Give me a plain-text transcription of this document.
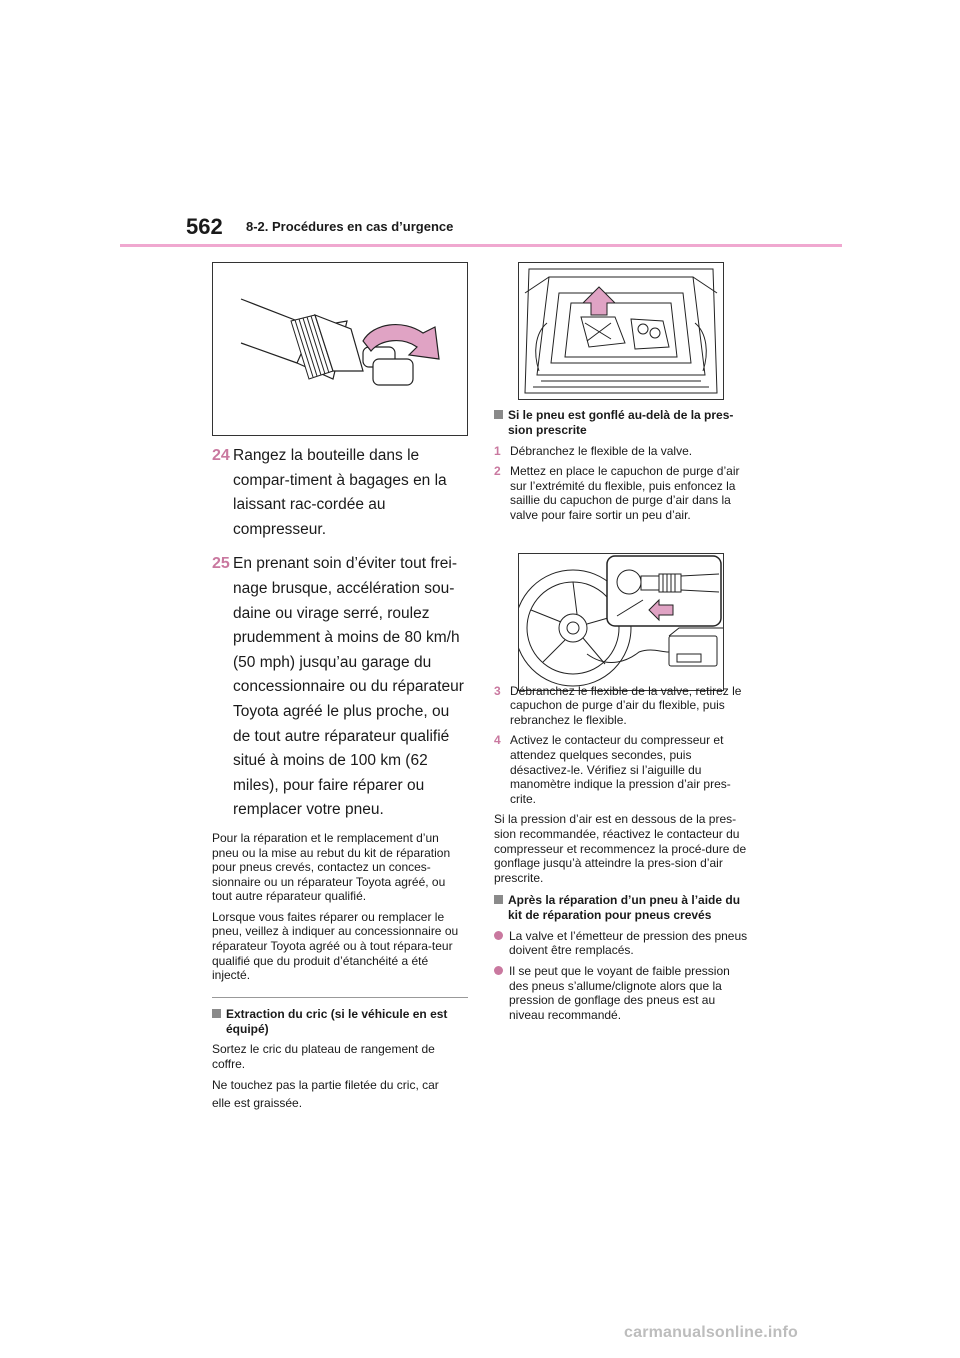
562 8-2. Procédures en cas d’urgence
24 Rangez la bouteille dans le compar-timent à bagages en la laissant rac-cordée au compresseur.
25 En prenant soin d’éviter tout frei-nage brusque, accélération sou-daine ou virage serré, roulez prudemment à moins de 80 km/h (50 mph) jusqu’au garage du concessionnaire ou du réparateur Toyota agréé le plus proche, ou de tout autre réparateur qualifié situé à moins de 100 km (62 miles), pour faire réparer ou remplacer votre pneu.

Pour la réparation et le remplacement d’un pneu ou la mise au rebut du kit de réparation pour pneus crevés, contactez un conces-sionnaire ou un réparateur Toyota agréé, ou tout autre réparateur qualifié.

Lorsque vous faites réparer ou remplacer le pneu, veillez à indiquer au concessionnaire ou réparateur Toyota agréé ou à tout répara-teur qualifié que du produit d’étanchéité a été injecté.

Extraction du cric (si le véhicule en est équipé)

Sortez le cric du plateau de rangement de coffre.

Ne touchez pas la partie filetée du cric, car

elle est graissée.

Si le pneu est gonflé au-delà de la pres-sion prescrite
1 Débranchez le flexible de la valve.
2 Mettez en place le capuchon de purge d’air sur l’extrémité du flexible, puis enfoncez la saillie du capuchon de purge d’air dans la valve pour faire sortir un peu d’air.
3 Débranchez le flexible de la valve, retirez le capuchon de purge d’air du flexible, puis rebranchez le flexible.
4 Activez le contacteur du compresseur et attendez quelques secondes, puis désactivez-le. Vérifiez si l’aiguille du manomètre indique la pression d’air pres-crite.

Si la pression d’air est en dessous de la pres-sion recommandée, réactivez le contacteur du compresseur et recommencez la procé-dure de gonflage jusqu’à atteindre la pres-sion d’air prescrite.

Après la réparation d’un pneu à l’aide du kit de réparation pour pneus crevés
La valve et l’émetteur de pression des pneus doivent être remplacés.
Il se peut que le voyant de faible pression des pneus s’allume/clignote alors que la pression de gonflage des pneus est au niveau recommandé.
carmanualsonline.info
